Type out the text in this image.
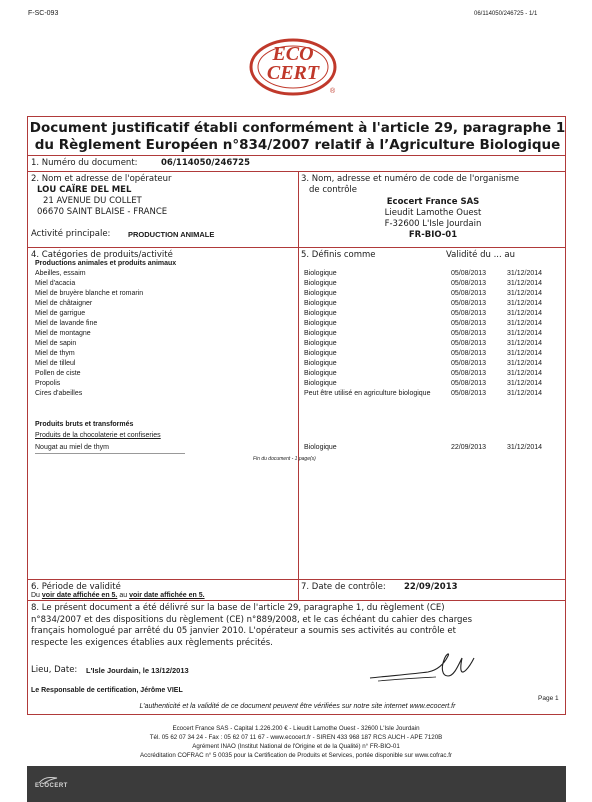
F-SC-093	06/114050/246725 - 1/1
ECO
CERT
®
Document justificatif établi conformément à l'article 29, paragraphe 1
du Règlement Européen n°834/2007 relatif à l’Agriculture Biologique
1. Numéro du document:	06/114050/246725
2. Nom et adresse de l'opérateur
LOU CAÏRE DEL MEL
21 AVENUE DU COLLET
06670 SAINT BLAISE - FRANCE
Activité principale: PRODUCTION ANIMALE
3. Nom, adresse et numéro de code de l'organisme
de contrôle
Ecocert France SAS
Lieudit Lamothe Ouest
F-32600 L'Isle Jourdain
FR-BIO-01
4. Catégories de produits/activité
Productions animales et produits animaux
5. Définis comme	Validité du ... au
Abeilles, essaim	Biologique	05/08/2013	31/12/2014
Miel d'acacia	Biologique	05/08/2013	31/12/2014
Miel de bruyère blanche et romarin	Biologique	05/08/2013	31/12/2014
Miel de châtaigner	Biologique	05/08/2013	31/12/2014
Miel de garrigue	Biologique	05/08/2013	31/12/2014
Miel de lavande fine	Biologique	05/08/2013	31/12/2014
Miel de montagne	Biologique	05/08/2013	31/12/2014
Miel de sapin	Biologique	05/08/2013	31/12/2014
Miel de thym	Biologique	05/08/2013	31/12/2014
Miel de tilleul	Biologique	05/08/2013	31/12/2014
Pollen de ciste	Biologique	05/08/2013	31/12/2014
Propolis	Biologique	05/08/2013	31/12/2014
Cires d'abeilles	Peut être utilisé en agriculture biologique	05/08/2013	31/12/2014
Produits bruts et transformés
Produits de la chocolaterie et confiseries
Nougat au miel de thym	Biologique	22/09/2013	31/12/2014
Fin du document - 1 page(s)
6. Période de validité
Du voir date affichée en 5. au voir date affichée en 5.
7. Date de contrôle: 22/09/2013
8. Le présent document a été délivré sur la base de l'article 29, paragraphe 1, du règlement (CE)
n°834/2007 et des dispositions du règlement (CE) n°889/2008, et le cas échéant du cahier des charges
français homologué par arrêté du 05 janvier 2010. L'opérateur a soumis ses activités au contrôle et
respecte les exigences établies aux règlements précités.
Lieu, Date: L'Isle Jourdain, le 13/12/2013
Le Responsable de certification, Jérôme VIEL
Page 1
L’authenticité et la validité de ce document peuvent être vérifiées sur notre site internet www.ecocert.fr
Ecocert France SAS - Capital 1.226.200 € - Lieudit Lamothe Ouest - 32600 L'Isle Jourdain
Tél. 05 62 07 34 24 - Fax : 05 62 07 11 67 - www.ecocert.fr - SIREN 433 968 187 RCS AUCH - APE 7120B
Agrément INAO (Institut National de l'Origine et de la Qualité) n° FR-BIO-01
Accréditation COFRAC n° 5 0035 pour la Certification de Produits et Services, portée disponible sur www.cofrac.fr
ECOCERT
